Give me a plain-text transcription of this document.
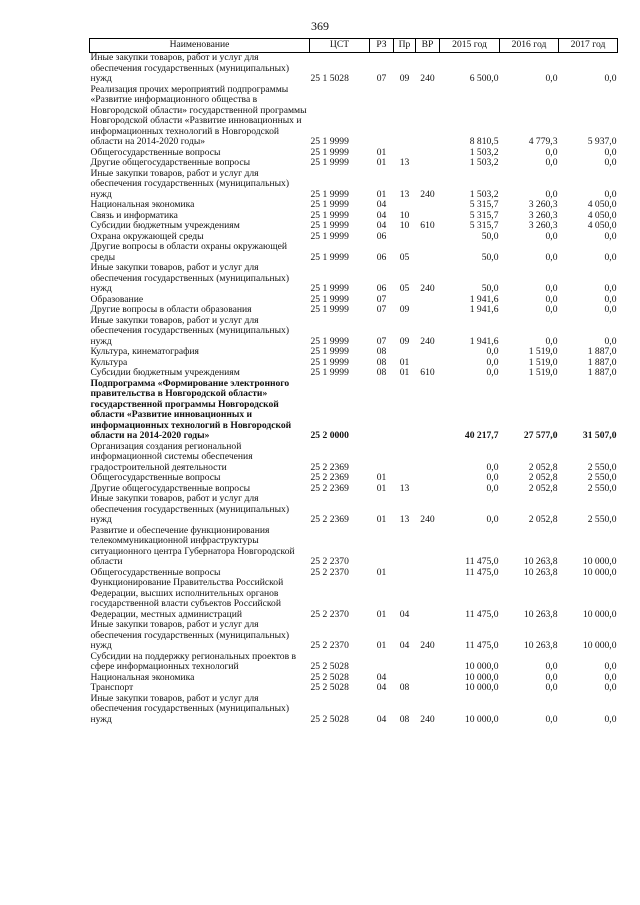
369
Наименование	ЦСТ	РЗ	Пр	ВР	2015 год	2016 год	2017 год
Иные закупки товаров, работ и услуг для обеспечения государственных (муниципальных) нужд	25 1 5028	07	09	240	6 500,0	0,0	0,0
Реализация прочих мероприятий подпрограммы «Развитие информационного общества в Новгородской области» государственной программы Новгородской области «Развитие инновационных и информационных технологий в Новгородской области на 2014-2020 годы»	25 1 9999				8 810,5	4 779,3	5 937,0
Общегосударственные вопросы	25 1 9999	01			1 503,2	0,0	0,0
Другие общегосударственные вопросы	25 1 9999	01	13		1 503,2	0,0	0,0
Иные закупки товаров, работ и услуг для обеспечения государственных (муниципальных) нужд	25 1 9999	01	13	240	1 503,2	0,0	0,0
Национальная экономика	25 1 9999	04			5 315,7	3 260,3	4 050,0
Связь и информатика	25 1 9999	04	10		5 315,7	3 260,3	4 050,0
Субсидии бюджетным учреждениям	25 1 9999	04	10	610	5 315,7	3 260,3	4 050,0
Охрана окружающей среды	25 1 9999	06			50,0	0,0	0,0
Другие вопросы в области охраны окружающей среды	25 1 9999	06	05		50,0	0,0	0,0
Иные закупки товаров, работ и услуг для обеспечения государственных (муниципальных) нужд	25 1 9999	06	05	240	50,0	0,0	0,0
Образование	25 1 9999	07			1 941,6	0,0	0,0
Другие вопросы в области образования	25 1 9999	07	09		1 941,6	0,0	0,0
Иные закупки товаров, работ и услуг для обеспечения государственных (муниципальных) нужд	25 1 9999	07	09	240	1 941,6	0,0	0,0
Культура, кинематография	25 1 9999	08			0,0	1 519,0	1 887,0
Культура	25 1 9999	08	01		0,0	1 519,0	1 887,0
Субсидии бюджетным учреждениям	25 1 9999	08	01	610	0,0	1 519,0	1 887,0
Подпрограмма «Формирование электронного правительства в Новгородской области» государственной программы Новгородской области «Развитие инновационных и информационных технологий в Новгородской области на 2014-2020 годы»	25 2 0000				40 217,7	27 577,0	31 507,0
Организация создания региональной информационной системы обеспечения градостроительной деятельности	25 2 2369				0,0	2 052,8	2 550,0
Общегосударственные вопросы	25 2 2369	01			0,0	2 052,8	2 550,0
Другие общегосударственные вопросы	25 2 2369	01	13		0,0	2 052,8	2 550,0
Иные закупки товаров, работ и услуг для обеспечения государственных (муниципальных) нужд	25 2 2369	01	13	240	0,0	2 052,8	2 550,0
Развитие и обеспечение функционирования телекоммуникационной инфраструктуры ситуационного центра Губернатора Новгородской области	25 2 2370				11 475,0	10 263,8	10 000,0
Общегосударственные вопросы	25 2 2370	01			11 475,0	10 263,8	10 000,0
Функционирование Правительства Российской Федерации, высших исполнительных органов государственной власти субъектов Российской Федерации, местных администраций	25 2 2370	01	04		11 475,0	10 263,8	10 000,0
Иные закупки товаров, работ и услуг для обеспечения государственных (муниципальных) нужд	25 2 2370	01	04	240	11 475,0	10 263,8	10 000,0
Субсидии на поддержку региональных проектов в сфере информационных технологий	25 2 5028				10 000,0	0,0	0,0
Национальная экономика	25 2 5028	04			10 000,0	0,0	0,0
Транспорт	25 2 5028	04	08		10 000,0	0,0	0,0
Иные закупки товаров, работ и услуг для обеспечения государственных (муниципальных) нужд	25 2 5028	04	08	240	10 000,0	0,0	0,0
